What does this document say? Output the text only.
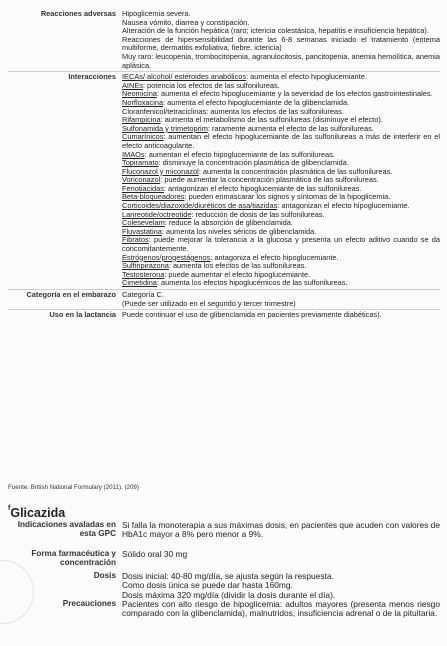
Reacciones adversas Hipoglicemia severa.

Nausea vómito, diarrea y constipación.

Alteración de la función hepática (raro; ictericia colestásica, hepatitis e insuficiencia hepática).

Reacciones de hipersensibilidad durante las 6-8 semanas iniciado el tratamiento (eritema multiforme, dermatitis exfoliativa, fiebre, ictericia)

Muy raro: leucopenia, trombocitopenia, agranulocitosis, pancitopenia, anemia hemolítica, anemia aplásica.

Interacciones IECAs/ alcohol/ esteroides anabólicos: aumenta el efecto hipoglucemiante.

AINEs: potencia los efectos de las sulfonilureas.

Neomicina: aumenta el efecto hipoglucemiante y la severidad de los efectos gastrointestinales.

Norfloxacina: aumenta el efecto hipoglucemiante de la glibenclamida.

Cloranfenicol/tetraciclinas: aumenta los efectos de las sulfonilureas.

Rifampicina: aumenta el metabolismo de las sulfonilureas (disminuye el efecto).

Sulfonamida y trimetoprim: raramente aumenta el efecto de las sulfonilureas.

Cumarínicos: aumentan el efecto hipoglucemiante de las sulfonilureas a más de interferir en el efecto anticoagulante.

IMAOs: aumentan el efecto hipoglucemiante de las sulfonilureas.

Topiramato: disminuye la concentración plasmática de glibenclamida.

Fluconazol y miconazol: aumenta la concentración plasmática de las sulfonilureas.

Voriconazol: puede aumentar la concentración plasmática de las sulfonilureas.

Fenotiacidas: antagonizan el efecto hipoglucemiante de las sulfonilureas.

Beta-bloqueadores: pueden enmascarar los signos y síntomas de la hipoglicemia.

Corticoides/diazoxide/diuréticos de asa/tiazidas: antagonizan el efecto hipoglucemiante.

Lanreotide/octreotide: reducción de dosis de las sulfonilureas.

Colesevelam: reduce la absorción de glibenclamida.

Fluvastatina: aumenta los niveles séricos de glibenclamida.

Fibratos: puede mejorar la tolerancia a la glucosa y presenta un efecto aditivo cuando se da concomitantemente.

Estrógenos/progestágenos: antagoniza el efecto hipoglucemiante.

Sulfinpirazona: aumenta los efectos de las sulfonilureas.

Testosterona: puede aumentar el efecto hipoglucemiante.

Cimetidina: aumenta los efectos hipoglucémicos de las sulfonilureas.

Categoría en el embarazo Categoría C.

(Puede ser utilizado en el segundo y tercer trimestre)

Uso en la lactancia Puede continuar el uso de glibenclamida en pacientes previamente diabéticas).

Fuente: British National Formulary (2011). (209)
$^f$Glicazida
Indicaciones avaladas en esta GPC

Si falla la monoterapia a sus máximas dosis, en pacientes que acuden con valores de HbA1c mayor a 8% pero menor a 9%.

Forma farmacéutica y concentración

Sólido oral 30 mg

Dosis Dosis inicial: 40-80 mg/día, se ajusta según la respuesta.

Como dosis única se puede dar hasta 160mg.

Dosis máxima 320 mg/día (dividir la dosis durante el día).

Precauciones Pacientes con alto riesgo de hipoglicemia: adultos mayores (presenta menos riesgo comparado con la glibenclamida), malnutridos, insuficiencia adrenal o de la pituitaria.
